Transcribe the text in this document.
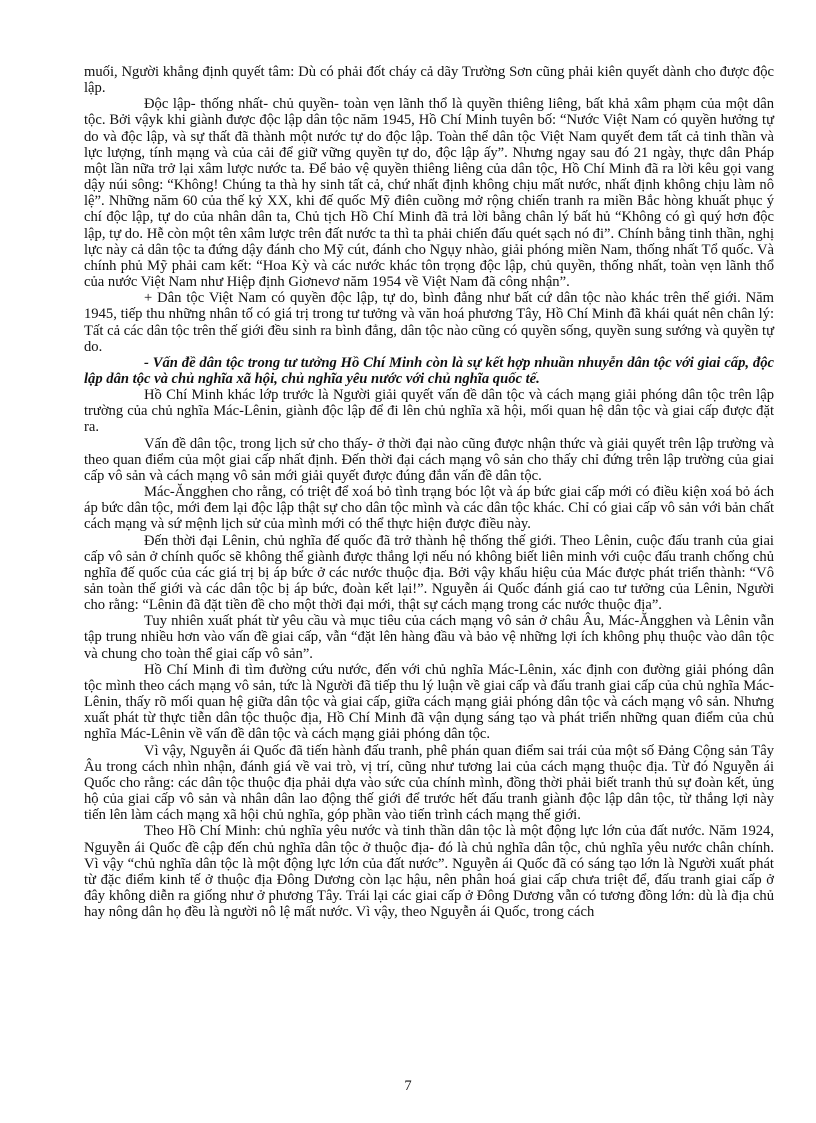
muối, Người khẳng định quyết tâm: Dù có phải đốt cháy cả dãy Trường Sơn cũng phải kiên quyết dành cho được độc lập.

Độc lập- thống nhất- chủ quyền- toàn vẹn lãnh thổ là quyền thiêng liêng, bất khả xâm phạm của một dân tộc. Bởi vậyk khi giành được độc lập dân tộc năm 1945, Hồ Chí Minh tuyên bố: “Nước Việt Nam có quyền hưởng tự do và độc lập, và sự thất đã thành một nước tự do độc lập. Toàn thể dân tộc Việt Nam quyết đem tất cả tinh thần và lực lượng, tính mạng và của cải để giữ vững quyền tự do, độc lập ấy”. Nhưng ngay sau đó 21 ngày, thực dân Pháp một lần nữa trở lại xâm lược nước ta. Để bảo vệ quyền thiêng liêng của dân tộc, Hồ Chí Minh đã ra lời kêu gọi vang dậy núi sông: “Không! Chúng ta thà hy sinh tất cả, chứ nhất định không chịu mất nước, nhất định không chịu làm nô lệ”. Những năm 60 của thế kỷ XX, khi đế quốc Mỹ điên cuồng mở rộng chiến tranh ra miền Bắc hòng khuất phục ý chí độc lập, tự do của nhân dân ta, Chủ tịch Hồ Chí Minh đã trả lời bằng chân lý bất hủ “Không có gì quý hơn độc lập, tự do. Hễ còn một tên xâm lược trên đất nước ta thì ta phải chiến đấu quét sạch nó đi”. Chính bằng tinh thần, nghị lực này cả dân tộc ta đứng dậy đánh cho Mỹ cút, đánh cho Ngụy nhào, giải phóng miền Nam, thống nhất Tổ quốc. Và chính phủ Mỹ phải cam kết: “Hoa Kỳ và các nước khác tôn trọng độc lập, chủ quyền, thống nhất, toàn vẹn lãnh thổ của nước Việt Nam như Hiệp định Giơnevơ năm 1954 về Việt Nam đã công nhận”.

+ Dân tộc Việt Nam có quyền độc lập, tự do, bình đẳng như bất cứ dân tộc nào khác trên thế giới. Năm 1945, tiếp thu những nhân tố có giá trị trong tư tưởng và văn hoá phương Tây, Hồ Chí Minh đã khái quát nên chân lý: Tất cả các dân tộc trên thế giới đều sinh ra bình đẳng, dân tộc nào cũng có quyền sống, quyền sung sướng và quyền tự do.

- Vấn đề dân tộc trong tư tưởng Hồ Chí Minh còn là sự kết hợp nhuần nhuyễn dân tộc với giai cấp, độc lập dân tộc và chủ nghĩa xã hội, chủ nghĩa yêu nước với chủ nghĩa quốc tế.

Hồ Chí Minh khác lớp trước là Người giải quyết vấn đề dân tộc và cách mạng giải phóng dân tộc trên lập trường của chủ nghĩa Mác-Lênin, giành độc lập để đi lên chủ nghĩa xã hội, mối quan hệ dân tộc và giai cấp được đặt ra.

Vấn đề dân tộc, trong lịch sử cho thấy- ở thời đại nào cũng được nhận thức và giải quyết trên lập trường và theo quan điểm của một giai cấp nhất định. Đến thời đại cách mạng vô sản cho thấy chỉ đứng trên lập trường của giai cấp vô sản và cách mạng vô sản mới giải quyết được đúng đắn vấn đề dân tộc.

Mác-Ăngghen cho rằng, có triệt để xoá bỏ tình trạng bóc lột và áp bức giai cấp mới có điều kiện xoá bỏ ách áp bức dân tộc, mới đem lại độc lập thật sự cho dân tộc mình và các dân tộc khác. Chỉ có giai cấp vô sản với bản chất cách mạng và sứ mệnh lịch sử của mình mới có thể thực hiện được điều này.

Đến thời đại Lênin, chủ nghĩa đế quốc đã trở thành hệ thống thế giới. Theo Lênin, cuộc đấu tranh của giai cấp vô sản ở chính quốc sẽ không thể giành được thắng lợi nếu nó không biết liên minh với cuộc đấu tranh chống chủ nghĩa đế quốc của các giá trị bị áp bức ở các nước thuộc địa. Bởi vậy khẩu hiệu của Mác được phát triển thành: “Vô sản toàn thế giới và các dân tộc bị áp bức, đoàn kết lại!”. Nguyễn ái Quốc đánh giá cao tư tưởng của Lênin, Người cho rằng: “Lênin đã đặt tiền đề cho một thời đại mới, thật sự cách mạng trong các nước thuộc địa”.

Tuy nhiên xuất phát từ yêu cầu và mục tiêu của cách mạng vô sản ở châu Âu, Mác-Ăngghen và Lênin vẫn tập trung nhiều hơn vào vấn đề giai cấp, vẫn “đặt lên hàng đầu và bảo vệ những lợi ích không phụ thuộc vào dân tộc và chung cho toàn thể giai cấp vô sản”.

Hồ Chí Minh đi tìm đường cứu nước, đến với chủ nghĩa Mác-Lênin, xác định con đường giải phóng dân tộc mình theo cách mạng vô sản, tức là Người đã tiếp thu lý luận về giai cấp và đấu tranh giai cấp của chủ nghĩa Mác-Lênin, thấy rõ mối quan hệ giữa dân tộc và giai cấp, giữa cách mạng giải phóng dân tộc và cách mạng vô sản. Nhưng xuất phát từ thực tiễn dân tộc thuộc địa, Hồ Chí Minh đã vận dụng sáng tạo và phát triển những quan điểm của chủ nghĩa Mác-Lênin về vấn đề dân tộc và cách mạng giải phóng dân tộc.

Vì vậy, Nguyễn ái Quốc đã tiến hành đấu tranh, phê phán quan điểm sai trái của một số Đảng Cộng sản Tây Âu trong cách nhìn nhận, đánh giá về vai trò, vị trí, cũng như tương lai của cách mạng thuộc địa. Từ đó Nguyễn ái Quốc cho rằng: các dân tộc thuộc địa phải dựa vào sức của chính mình, đồng thời phải biết tranh thủ sự đoàn kết, ủng hộ của giai cấp vô sản và nhân dân lao động thế giới để trước hết đấu tranh giành độc lập dân tộc, từ thắng lợi này tiến lên làm cách mạng xã hội chủ nghĩa, góp phần vào tiến trình cách mạng thế giới.

Theo Hồ Chí Minh: chủ nghĩa yêu nước và tinh thần dân tộc là một động lực lớn của đất nước. Năm 1924, Nguyễn ái Quốc đề cập đến chủ nghĩa dân tộc ở thuộc địa- đó là chủ nghĩa dân tộc, chủ nghĩa yêu nước chân chính. Vì vậy “chủ nghĩa dân tộc là một động lực lớn của đất nước”. Nguyễn ái Quốc đã có sáng tạo lớn là Người xuất phát từ đặc điểm kinh tế ở thuộc địa Đông Dương còn lạc hậu, nên phân hoá giai cấp chưa triệt để, đấu tranh giai cấp ở đây không diễn ra giống như ở phương Tây. Trái lại các giai cấp ở Đông Dương vẫn có tương đồng lớn: dù là địa chủ hay nông dân họ đều là người nô lệ mất nước. Vì vậy, theo Nguyễn ái Quốc, trong cách

7
